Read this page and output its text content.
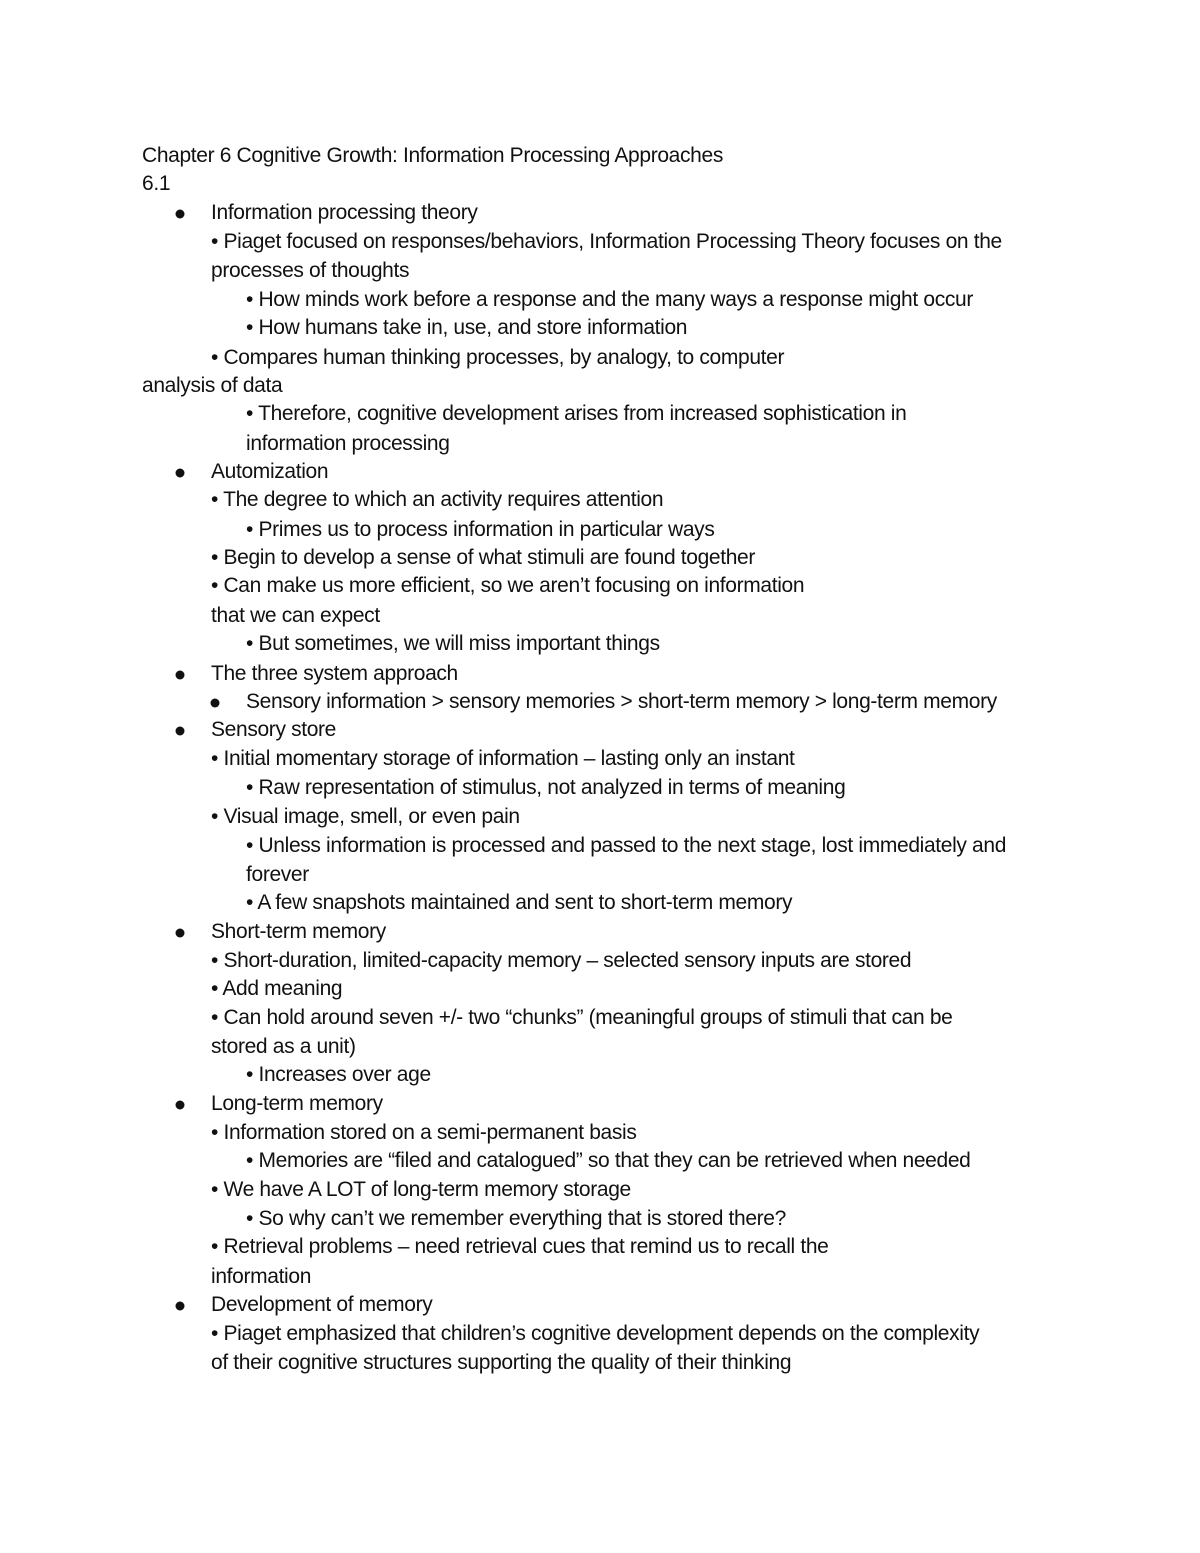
Chapter 6 Cognitive Growth: Information Processing Approaches
6.1
Information processing theory
• Piaget focused on responses/behaviors, Information Processing Theory focuses on the
processes of thoughts
• How minds work before a response and the many ways a response might occur
• How humans take in, use, and store information
• Compares human thinking processes, by analogy, to computer
analysis of data
• Therefore, cognitive development arises from increased sophistication in
information processing
Automization
• The degree to which an activity requires attention
• Primes us to process information in particular ways
• Begin to develop a sense of what stimuli are found together
• Can make us more efficient, so we aren’t focusing on information
that we can expect
• But sometimes, we will miss important things
The three system approach
Sensory information > sensory memories > short-term memory > long-term memory
Sensory store
• Initial momentary storage of information – lasting only an instant
• Raw representation of stimulus, not analyzed in terms of meaning
• Visual image, smell, or even pain
• Unless information is processed and passed to the next stage, lost immediately and
forever
• A few snapshots maintained and sent to short-term memory
Short-term memory
• Short-duration, limited-capacity memory – selected sensory inputs are stored
• Add meaning
• Can hold around seven +/- two “chunks” (meaningful groups of stimuli that can be
stored as a unit)
• Increases over age
Long-term memory
• Information stored on a semi-permanent basis
• Memories are “filed and catalogued” so that they can be retrieved when needed
• We have A LOT of long-term memory storage
• So why can’t we remember everything that is stored there?
• Retrieval problems – need retrieval cues that remind us to recall the
information
Development of memory
• Piaget emphasized that children’s cognitive development depends on the complexity
of their cognitive structures supporting the quality of their thinking
